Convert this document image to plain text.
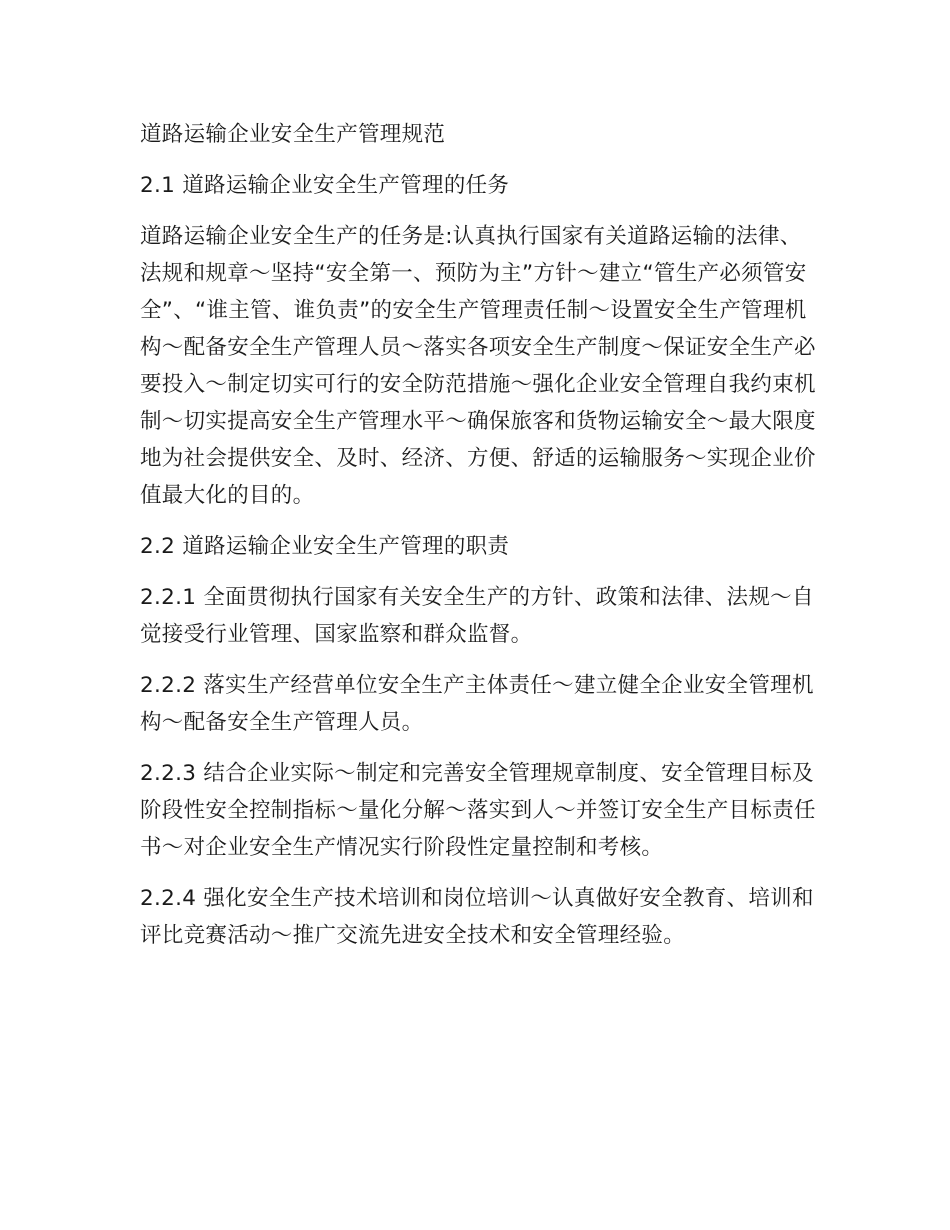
道路运输企业安全生产管理规范

2.1 道路运输企业安全生产管理的任务

道路运输企业安全生产的任务是:认真执行国家有关道路运输的法律、法规和规章～坚持“安全第一、预防为主”方针～建立“管生产必须管安全”、“谁主管、谁负责”的安全生产管理责任制～设置安全生产管理机构～配备安全生产管理人员～落实各项安全生产制度～保证安全生产必要投入～制定切实可行的安全防范措施～强化企业安全管理自我约束机制～切实提高安全生产管理水平～确保旅客和货物运输安全～最大限度地为社会提供安全、及时、经济、方便、舒适的运输服务～实现企业价值最大化的目的。

2.2 道路运输企业安全生产管理的职责

2.2.1 全面贯彻执行国家有关安全生产的方针、政策和法律、法规～自觉接受行业管理、国家监察和群众监督。

2.2.2 落实生产经营单位安全生产主体责任～建立健全企业安全管理机构～配备安全生产管理人员。

2.2.3 结合企业实际～制定和完善安全管理规章制度、安全管理目标及阶段性安全控制指标～量化分解～落实到人～并签订安全生产目标责任书～对企业安全生产情况实行阶段性定量控制和考核。

2.2.4 强化安全生产技术培训和岗位培训～认真做好安全教育、培训和评比竞赛活动～推广交流先进安全技术和安全管理经验。
